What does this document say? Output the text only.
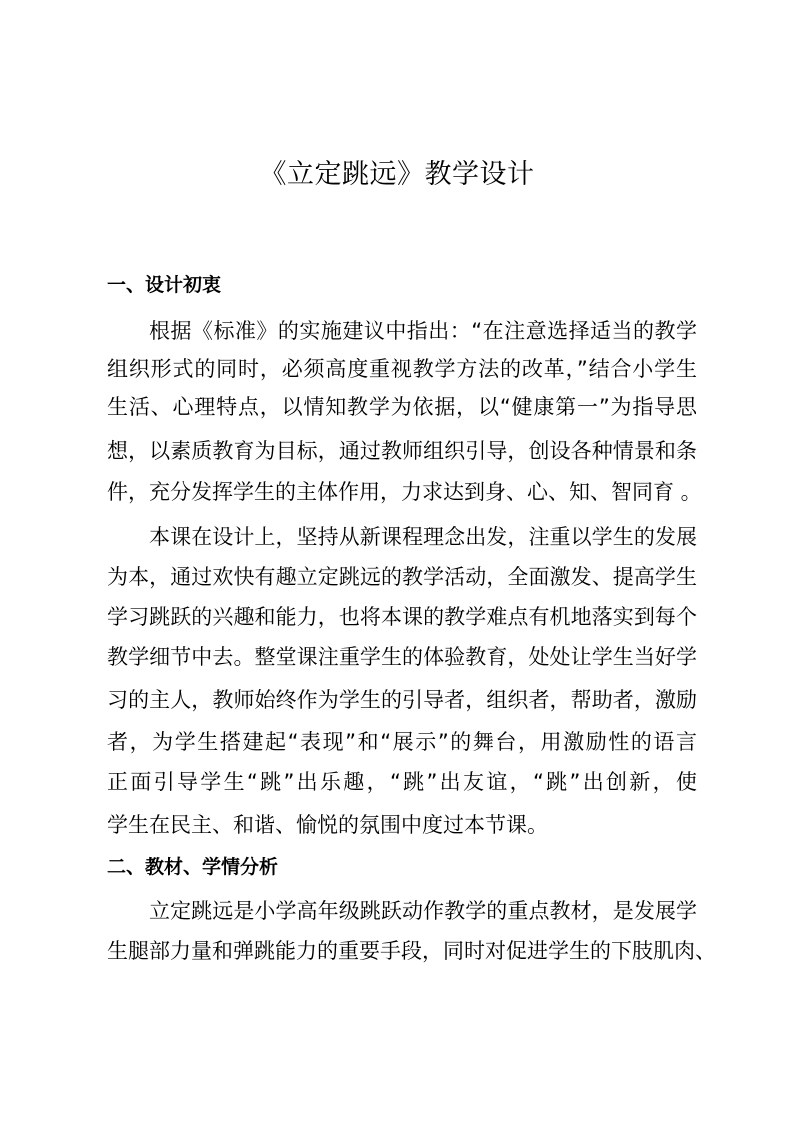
《立定跳远》教学设计
一、设计初衷
根据《标准》的实施建议中指出：“在注意选择适当的教学
组织形式的同时，必须高度重视教学方法的改革，”结合小学生
生活、心理特点，以情知教学为依据，以“健康第一”为指导思
想，以素质教育为目标，通过教师组织引导，创设各种情景和条
件，充分发挥学生的主体作用，力求达到身、心、知、智同育 。
本课在设计上，坚持从新课程理念出发，注重以学生的发展
为本，通过欢快有趣立定跳远的教学活动，全面激发、提高学生
学习跳跃的兴趣和能力，也将本课的教学难点有机地落实到每个
教学细节中去。整堂课注重学生的体验教育，处处让学生当好学
习的主人，教师始终作为学生的引导者，组织者，帮助者，激励
者，为学生搭建起“表现”和“展示”的舞台，用激励性的语言
正面引导学生“跳”出乐趣，“跳”出友谊，“跳”出创新，使
学生在民主、和谐、愉悦的氛围中度过本节课。
二、教材、学情分析
立定跳远是小学高年级跳跃动作教学的重点教材，是发展学
生腿部力量和弹跳能力的重要手段，同时对促进学生的下肢肌肉、
